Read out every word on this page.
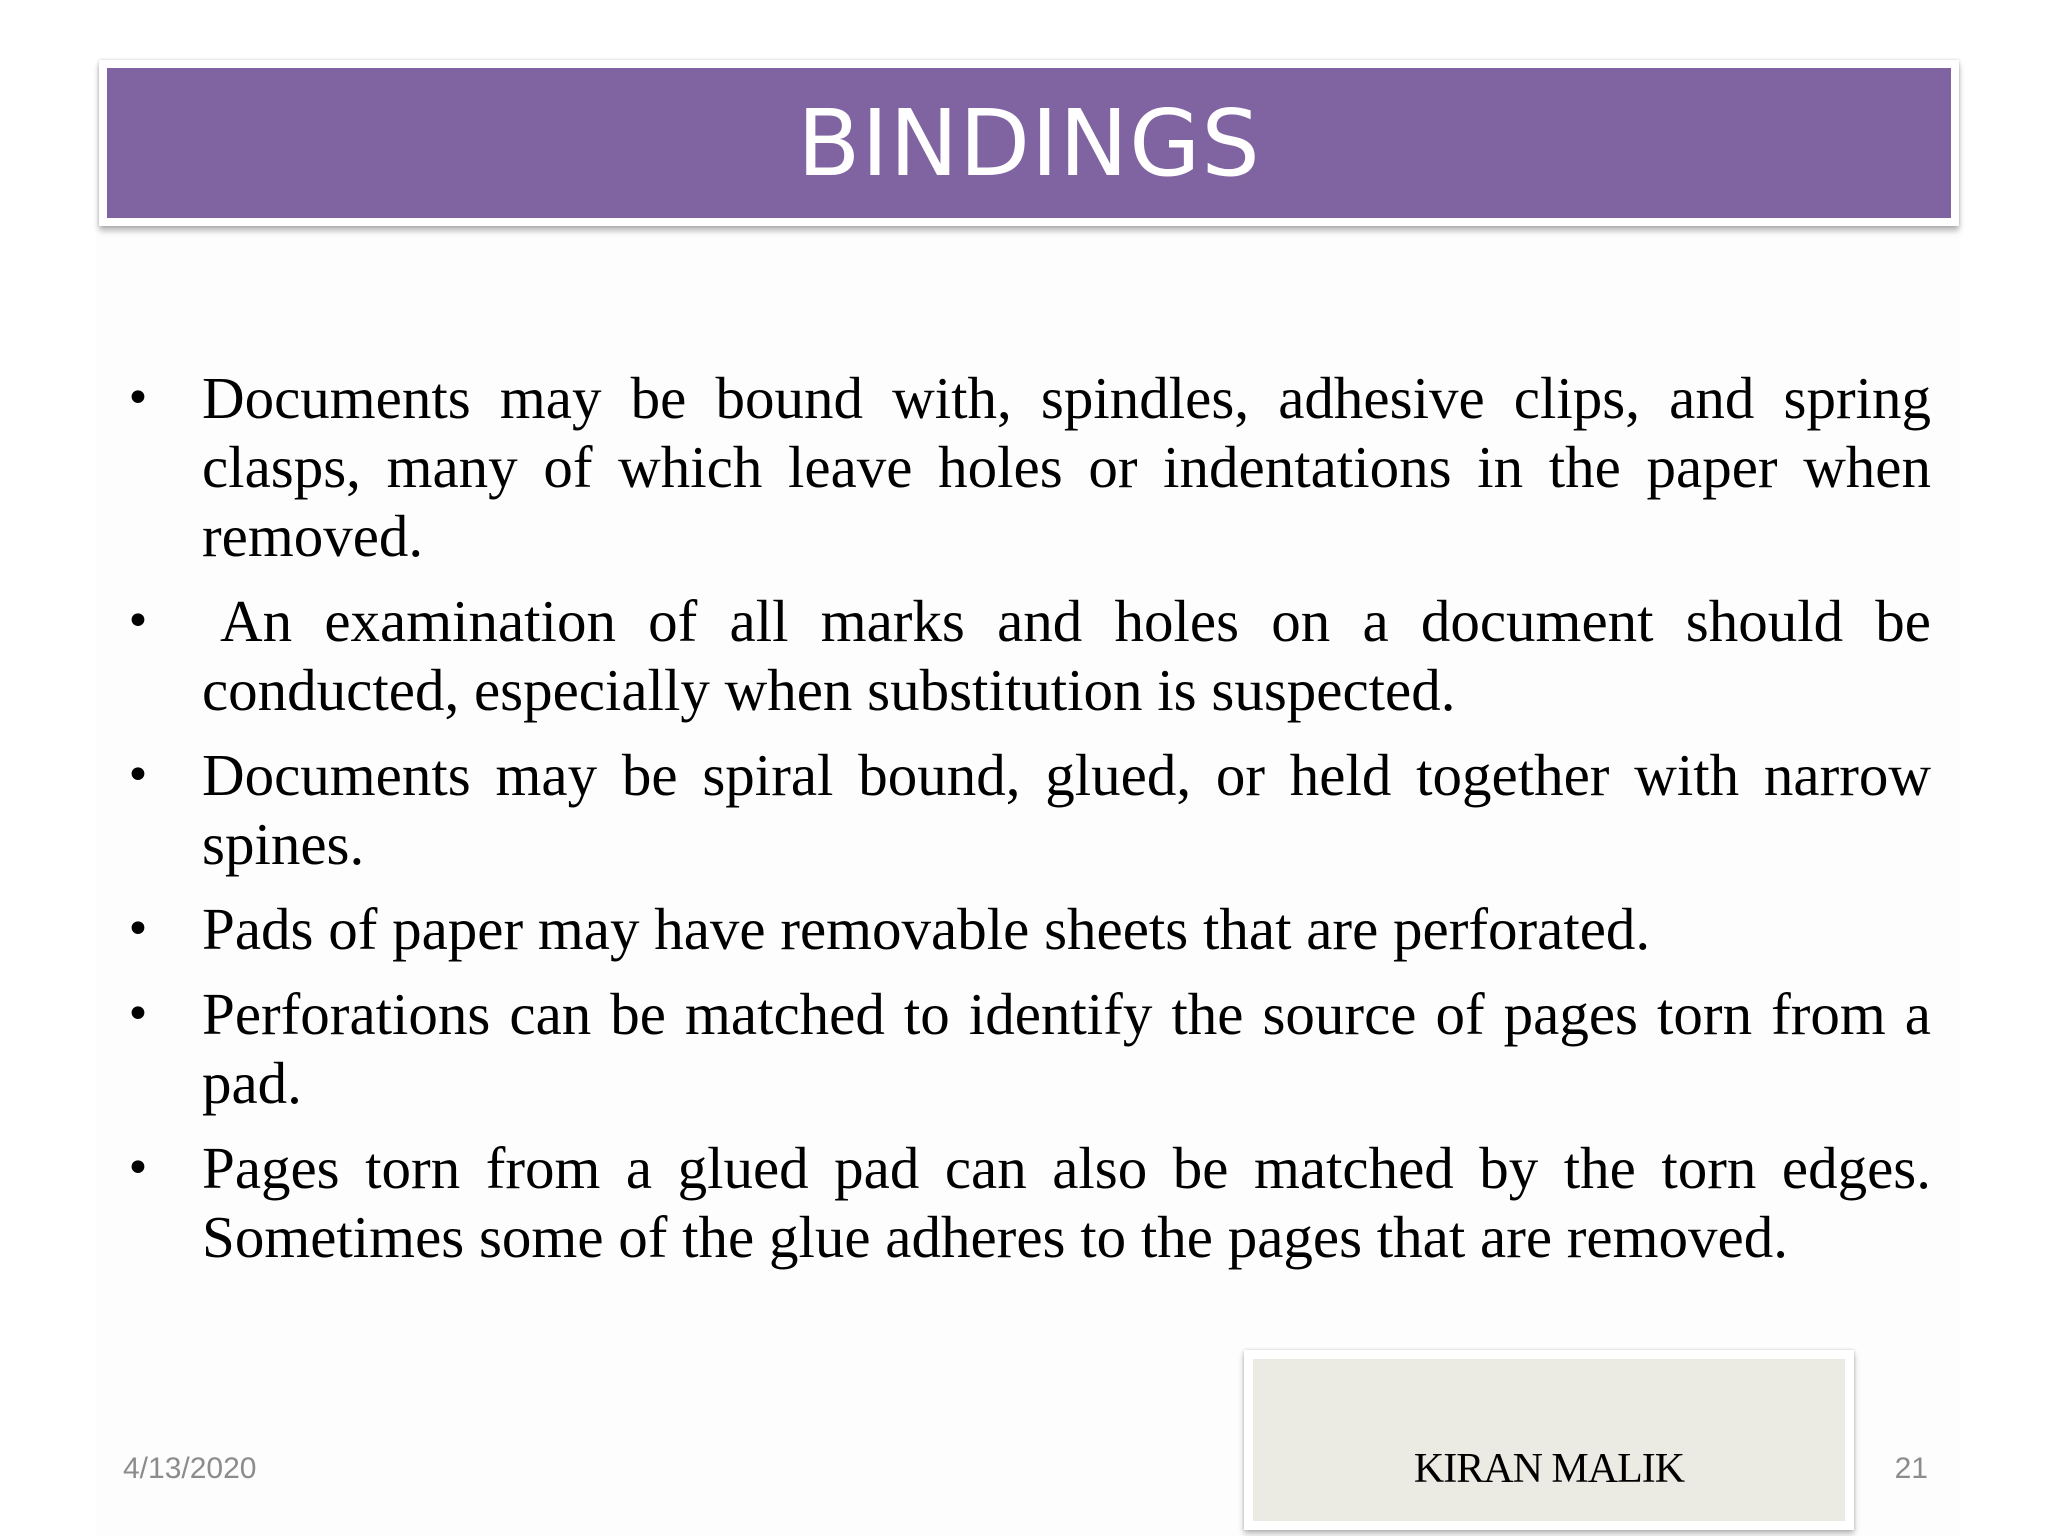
BINDINGS
• Documents may be bound with, spindles, adhesive clips, and spring clasps, many of which leave holes or indentations in the paper when removed.
• An examination of all marks and holes on a document should be conducted, especially when substitution is suspected.
• Documents may be spiral bound, glued, or held together with narrow spines.
• Pads of paper may have removable sheets that are perforated.
• Perforations can be matched to identify the source of pages torn from a pad.
• Pages torn from a glued pad can also be matched by the torn edges. Sometimes some of the glue adheres to the pages that are removed.
4/13/2020	KIRAN MALIK	21
